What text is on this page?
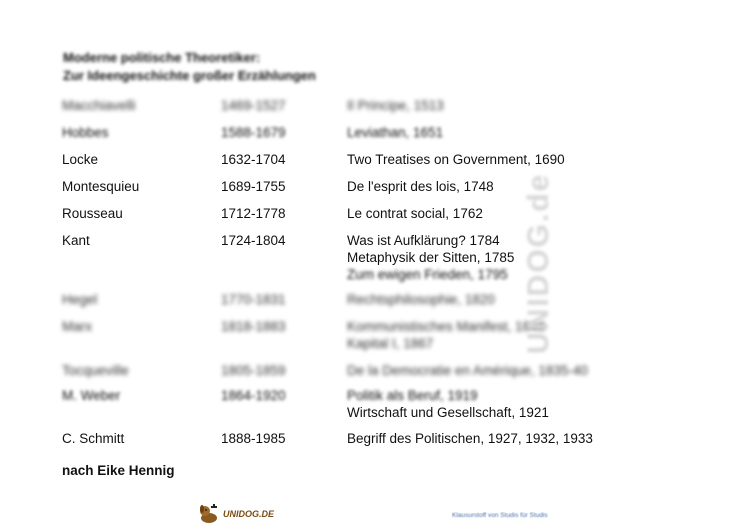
Moderne politische Theoretiker:
Zur Ideengeschichte großer Erzählungen
Macchiavelli	1469-1527	Il Principe, 1513
Hobbes	1588-1679	Leviathan, 1651
Locke	1632-1704	Two Treatises on Government, 1690
Montesquieu	1689-1755	De l'esprit des lois, 1748
Rousseau	1712-1778	Le contrat social, 1762
Kant	1724-1804	Was ist Aufklärung? 1784
Metaphysik der Sitten, 1785
Zum ewigen Frieden, 1795
Hegel	1770-1831	Rechtsphilosophie, 1820
Marx	1818-1883	Kommunistisches Manifest, 1848
Kapital I, 1867
Tocqueville	1805-1859	De la Democratie en Amérique, 1835-40
M. Weber	1864-1920	Politik als Beruf, 1919
Wirtschaft und Gesellschaft, 1921
C. Schmitt	1888-1985	Begriff des Politischen, 1927, 1932, 1933
nach Eike Hennig
UNIDOG.de
UNIDOG.DE	Klausurstoff von Studis für Studis
